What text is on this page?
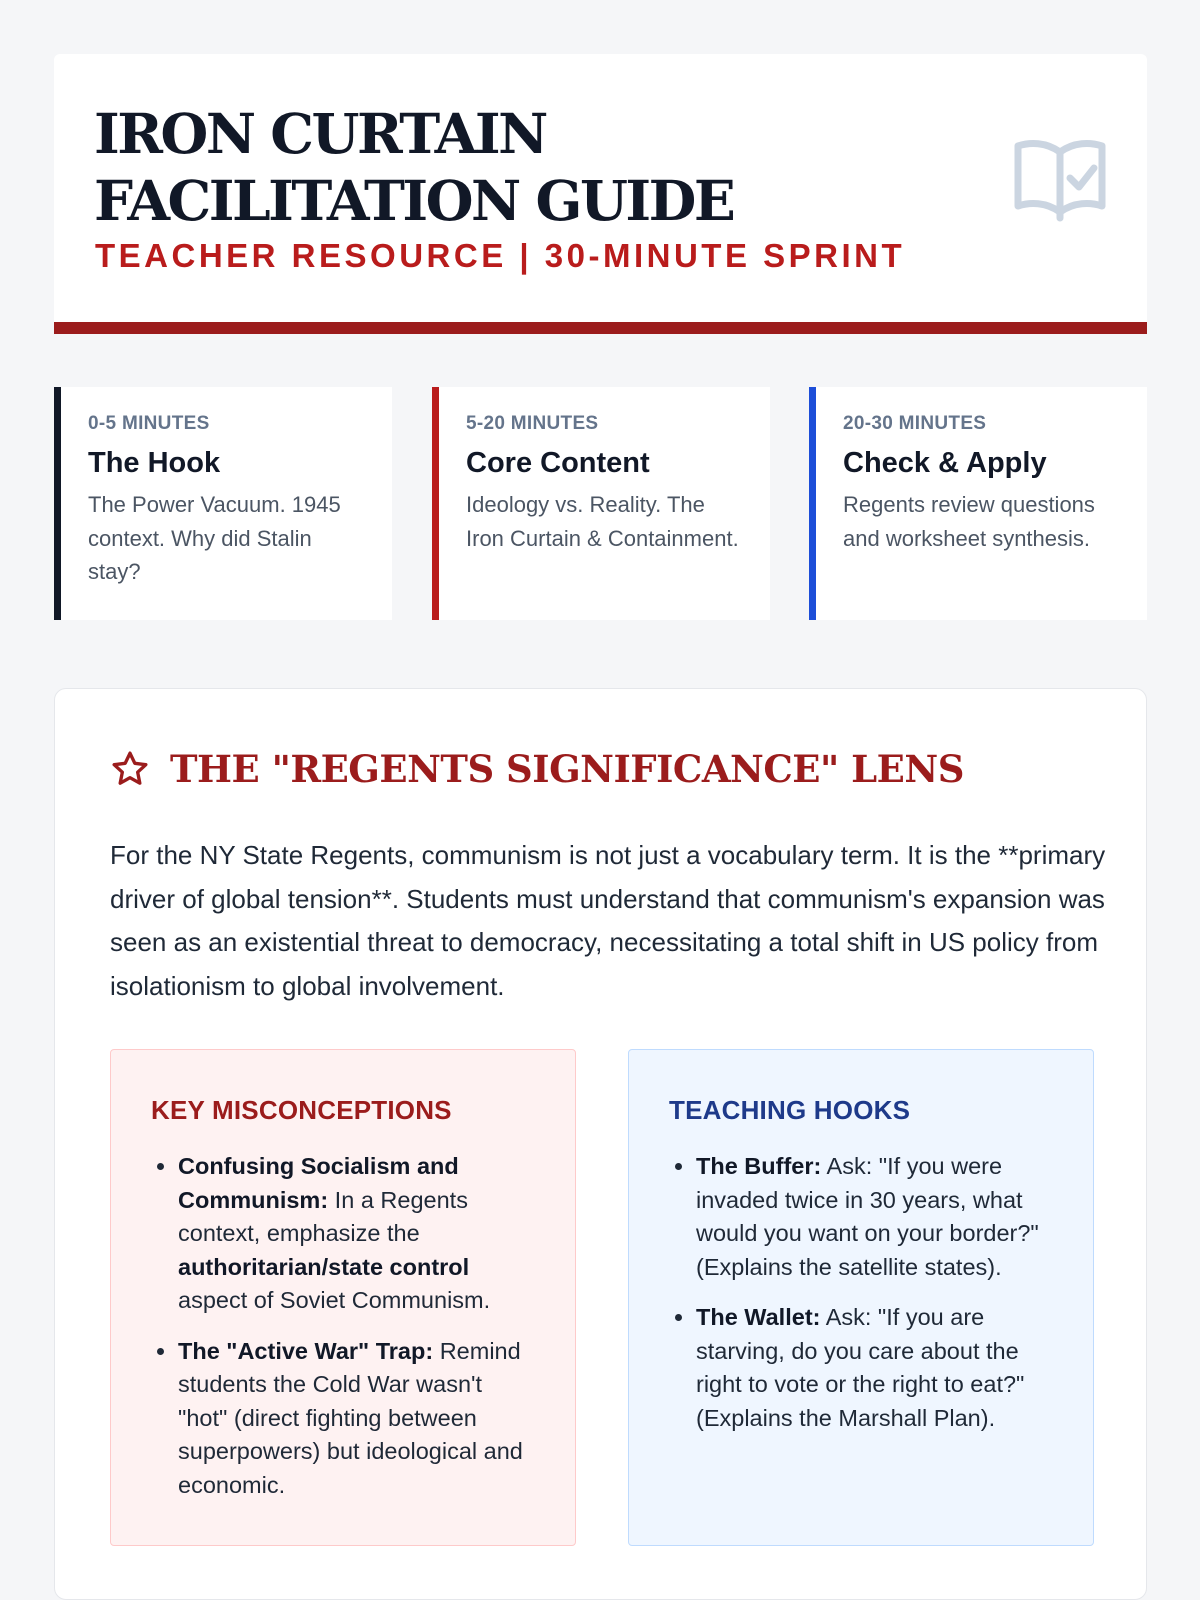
IRON CURTAIN FACILITATION GUIDE
TEACHER RESOURCE | 30-MINUTE SPRINT
0-5 MINUTES
The Hook
The Power Vacuum. 1945 context. Why did Stalin stay?
5-20 MINUTES
Core Content
Ideology vs. Reality. The Iron Curtain & Containment.
20-30 MINUTES
Check & Apply
Regents review questions and worksheet synthesis.
THE "REGENTS SIGNIFICANCE" LENS

For the NY State Regents, communism is not just a vocabulary term. It is the **primary driver of global tension**. Students must understand that communism's expansion was seen as an existential threat to democracy, necessitating a total shift in US policy from isolationism to global involvement.

KEY MISCONCEPTIONS
• Confusing Socialism and Communism: In a Regents context, emphasize the authoritarian/state control aspect of Soviet Communism.
• The "Active War" Trap: Remind students the Cold War wasn't "hot" (direct fighting between superpowers) but ideological and economic.
TEACHING HOOKS
• The Buffer: Ask: "If you were invaded twice in 30 years, what would you want on your border?" (Explains the satellite states).
• The Wallet: Ask: "If you are starving, do you care about the right to vote or the right to eat?" (Explains the Marshall Plan).
